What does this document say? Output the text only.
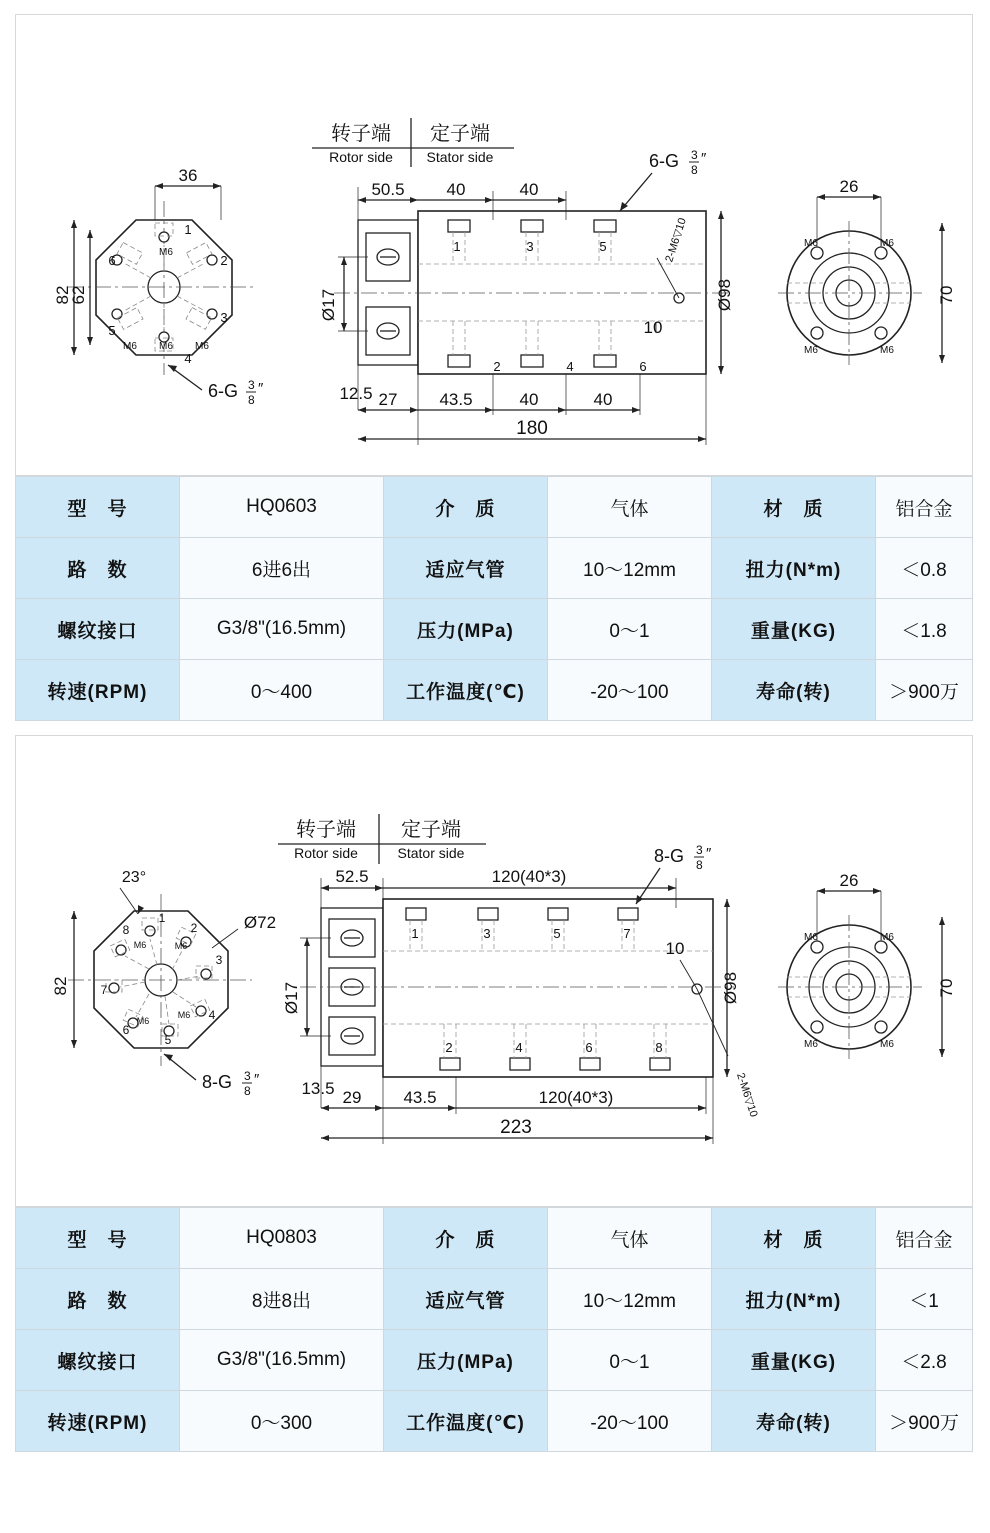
转子端
Rotor side
定子端
Stator side
1
2
3
4
5
6
M6
M6 M6
M6
36
82
62
6-G 3
8
″
1	3	5
2	4	6
50.5 40	40
6-G 3
8
″
Ø17
12.5 27 43.5	40	40
180
Ø98
2-M6▽10
10
M6	M6
M6	M6
26
70
型　号	HQ0603	介　质	气体	材　质	铝合金
路　数	6进6出	适应气管	10～12mm	扭力(N*m)	＜0.8
螺纹接口	G3/8"(16.5mm)	压力(MPa)	0～1	重量(KG)	＜1.8
转速(RPM)	0～400	工作温度(℃)	-20～100	寿命(转)	＞900万
转子端
Rotor side
定子端
Stator side
1
2
3
4
5
6
7
8
M6
M6
M6
M6
23°
Ø72
82
8-G 3
8
″
1	3	5	7
2	4	6	8
52.5	120(40*3)
8-G 3
8
″
Ø17
13.5 29 43.5	120(40*3)
223
Ø98
10
2-M6▽10
M6	M6
M6	M6
26
70
型　号	HQ0803	介　质	气体	材　质	铝合金
路　数	8进8出	适应气管	10～12mm	扭力(N*m)	＜1
螺纹接口	G3/8"(16.5mm)	压力(MPa)	0～1	重量(KG)	＜2.8
转速(RPM)	0～300	工作温度(℃)	-20～100	寿命(转)	＞900万
